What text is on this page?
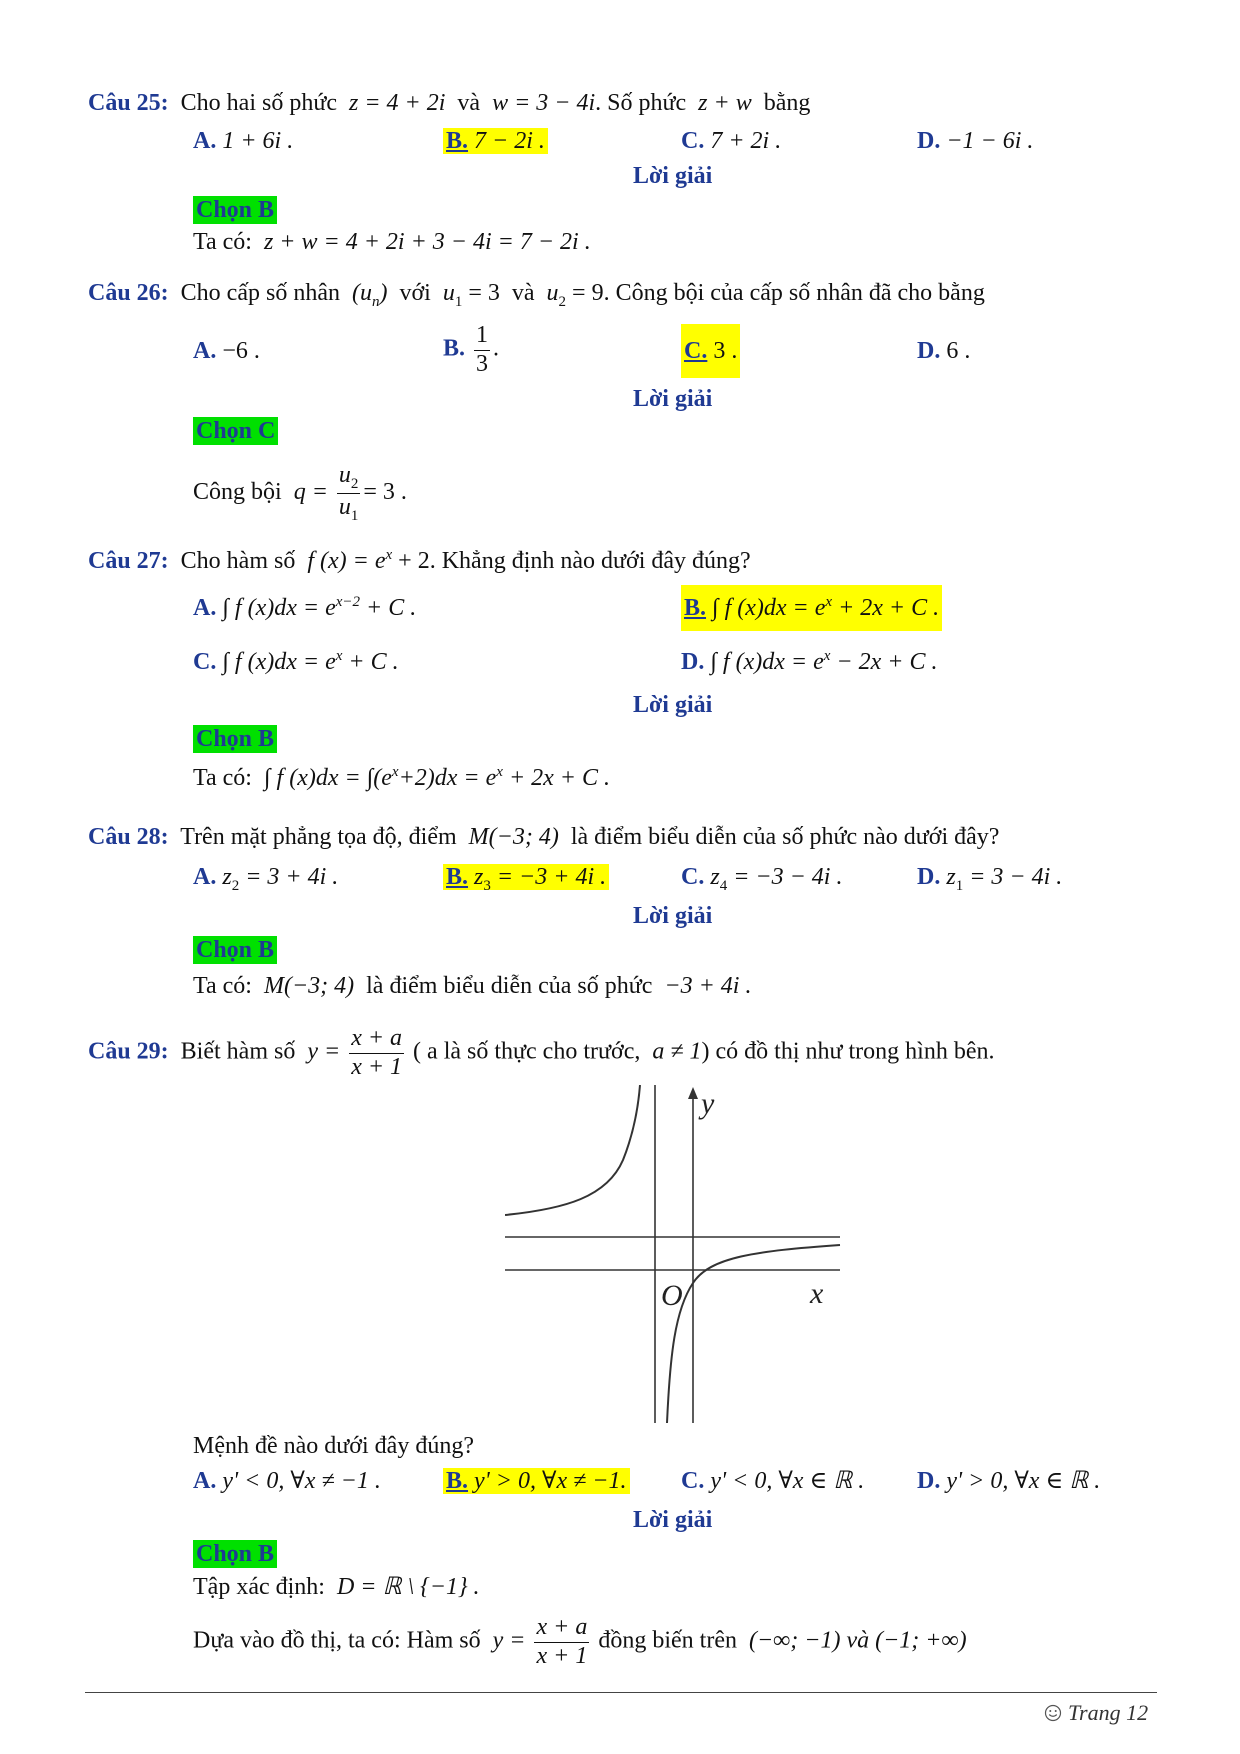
Câu 25: Cho hai số phức z = 4 + 2i và w = 3 − 4i. Số phức z + w bằng
A. 1 + 6i .	B. 7 − 2i .	C. 7 + 2i .	D. −1 − 6i .
Lời giải
Chọn B
Ta có: z + w = 4 + 2i + 3 − 4i = 7 − 2i .
Câu 26: Cho cấp số nhân $(u_n)$ với $u_1 = 3$ và $u_2 = 9$. Công bội của cấp số nhân đã cho bằng
A. −6 .	B. $\frac{1}{3}$ .	C. 3 .	D. 6 .
Lời giải
Chọn C
Công bội $q = \frac{u_2}{u_1} = 3$ .
Câu 27: Cho hàm số f $(x) = e^x + 2$. Khẳng định nào dưới đây đúng?
A. ∫ f $(x)dx = e^{x-2} + C$ .	B. ∫ f $(x)dx = e^x + 2x + C$ .
C. ∫ f $(x)dx = e^x + C$ .	D. ∫ f $(x)dx = e^x - 2x + C$ .
Lời giải
Chọn B
Ta có: ∫ f $(x)dx = \int(e^x+2)dx = e^x + 2x + C$ .
Câu 28: Trên mặt phẳng tọa độ, điểm M(−3; 4) là điểm biểu diễn của số phức nào dưới đây?
A. $z_2 = 3 + 4i$ .	B. $z_3 = -3 + 4i$ .	C. $z_4 = -3 - 4i$ .	D. $z_1 = 3 - 4i$ .
Lời giải
Chọn B
Ta có: M(−3; 4) là điểm biểu diễn của số phức −3 + 4i .
Câu 29: Biết hàm số $y = \frac{x + a}{x + 1}$ ( a là số thực cho trước, a ≠ 1) có đồ thị như trong hình bên.
y
x
O
Mệnh đề nào dưới đây đúng?
A. y' < 0, ∀x ≠ −1 .	B. y' > 0, ∀x ≠ −1. C. y' < 0, ∀x ∈ ℝ . D. y' > 0, ∀x ∈ ℝ .
Lời giải
Chọn B
Tập xác định: D = ℝ \ {−1} .
Dựa vào đồ thị, ta có: Hàm số $y = \frac{x + a}{x + 1}$ đồng biến trên (−∞; −1) và (−1; +∞)
Trang 12
